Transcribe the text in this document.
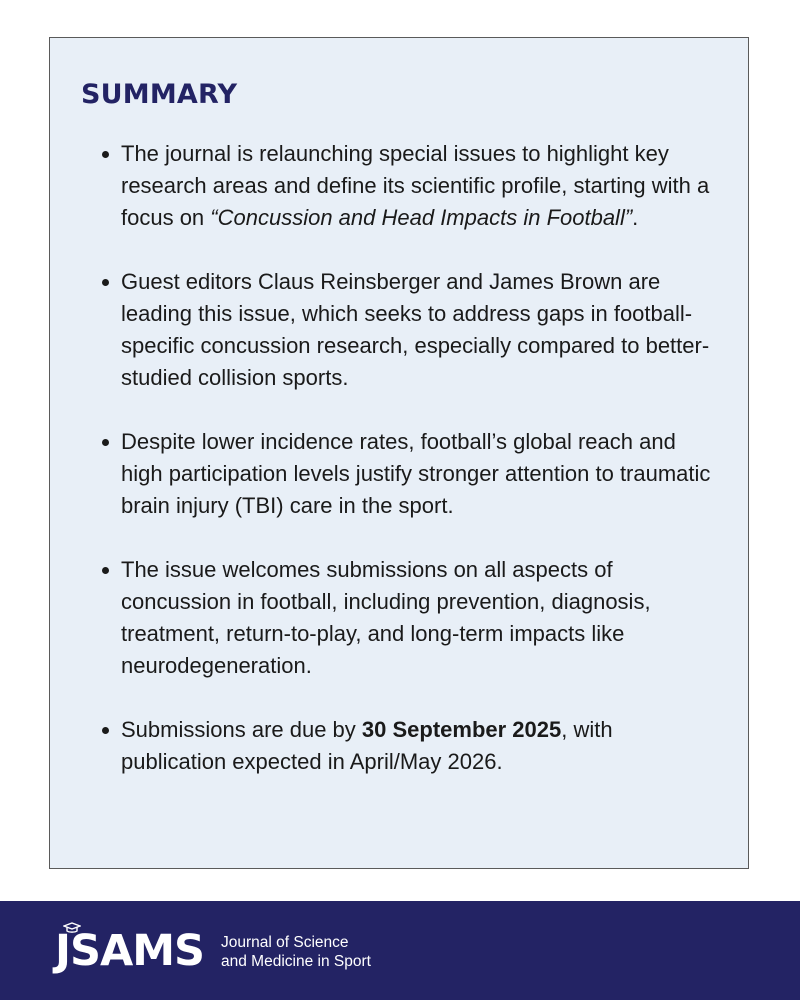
SUMMARY
The journal is relaunching special issues to highlight key research areas and define its scientific profile, starting with a focus on “Concussion and Head Impacts in Football”.
Guest editors Claus Reinsberger and James Brown are leading this issue, which seeks to address gaps in football-specific concussion research, especially compared to better-studied collision sports.
Despite lower incidence rates, football’s global reach and high participation levels justify stronger attention to traumatic brain injury (TBI) care in the sport.
The issue welcomes submissions on all aspects of concussion in football, including prevention, diagnosis, treatment, return-to-play, and long-term impacts like neurodegeneration.
Submissions are due by 30 September 2025, with publication expected in April/May 2026.
JSAMS Journal of Science
and Medicine in Sport
